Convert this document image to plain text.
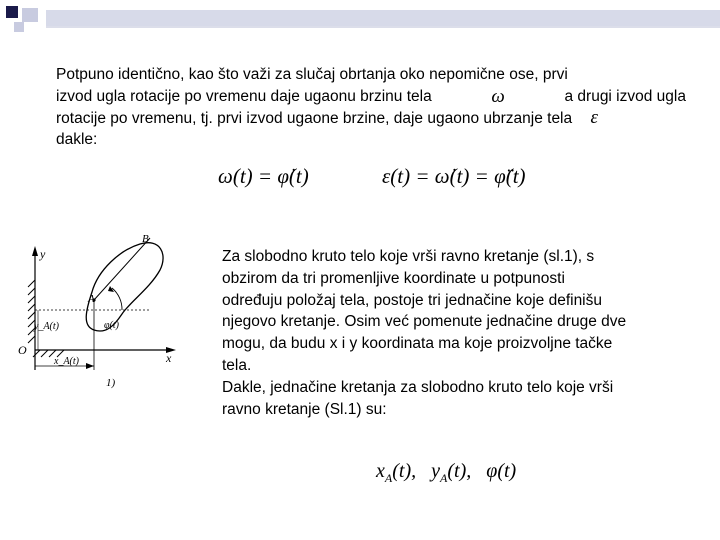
Potpuno identično, kao što važi za slučaj obrtanja oko nepomične ose, prvi
izvod ugla rotacije po vremenu daje ugaonu brzinu tela	ω	a drugi izvod ugla
rotacije po vremenu, tj. prvi izvod ugaone brzine, daje ugaono ubrzanje tela ε
dakle:
ω(t) = φ̇(t)	ε(t) = ω̇(t) = φ̈(t)
B
A
y
x
O
y_A(t)
x_A(t)
φ(t)
1)
Za slobodno kruto telo koje vrši ravno kretanje (sl.1), s
obzirom da tri promenljive koordinate u potpunosti
određuju položaj tela, postoje tri jednačine koje definišu
njegovo kretanje. Osim već pomenute jednačine druge dve
mogu, da budu x i y koordinata ma koje proizvoljne tačke
tela.
Dakle, jednačine kretanja za slobodno kruto telo koje vrši
ravno kretanje (Sl.1) su:
$x_A(t)$, $y_A(t)$, φ(t)
